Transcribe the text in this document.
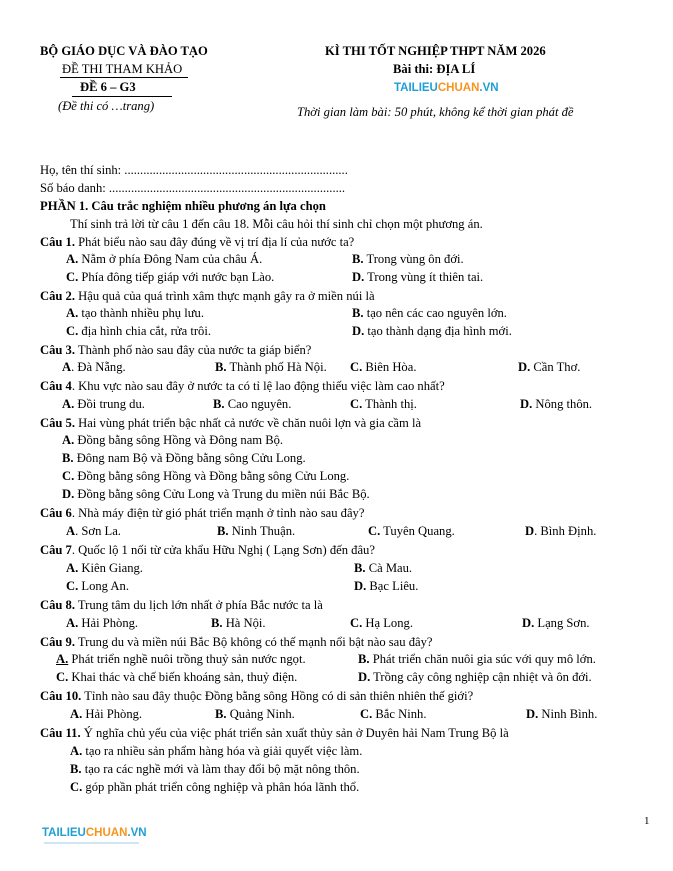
BỘ GIÁO DỤC VÀ ĐÀO TẠO
ĐỀ THI THAM KHẢO
ĐỀ 6 – G3
(Đề thi có …trang)
KÌ THI TỐT NGHIỆP THPT NĂM 2026
Bài thi: ĐỊA LÍ
TAILIEUCHUAN.VN
Thời gian làm bài: 50 phút, không kể thời gian phát đề
Họ, tên thí sinh: .......................................................................
Số báo danh: ...........................................................................
PHẦN 1. Câu trắc nghiệm nhiều phương án lựa chọn
Thí sinh trả lời từ câu 1 đến câu 18. Mỗi câu hỏi thí sinh chỉ chọn một phương án.
Câu 1. Phát biểu nào sau đây đúng về vị trí địa lí của nước ta?
A. Nằm ở phía Đông Nam của châu Á.	B. Trong vùng ôn đới.
C. Phía đông tiếp giáp với nước bạn Lào.	D. Trong vùng ít thiên tai.
Câu 2. Hậu quả của quá trình xâm thực mạnh gây ra ở miền núi là
A. tạo thành nhiều phụ lưu.	B. tạo nên các cao nguyên lớn.
C. địa hình chia cắt, rửa trôi.	D. tạo thành dạng địa hình mới.
Câu 3. Thành phố nào sau đây của nước ta giáp biển?
A. Đà Nẵng.	B. Thành phố Hà Nội. C. Biên Hòa.	D. Cần Thơ.
Câu 4. Khu vực nào sau đây ở nước ta có tỉ lệ lao động thiếu việc làm cao nhất?
A. Đồi trung du.	B. Cao nguyên.	C. Thành thị.	D. Nông thôn.
Câu 5. Hai vùng phát triển bậc nhất cả nước về chăn nuôi lợn và gia cầm là
A. Đồng bằng sông Hồng và Đông nam Bộ.
B. Đông nam Bộ và Đồng bằng sông Cửu Long.
C. Đồng bằng sông Hồng và Đồng bằng sông Cửu Long.
D. Đồng bằng sông Cửu Long và Trung du miền núi Bắc Bộ.
Câu 6. Nhà máy điện từ gió phát triển mạnh ở tỉnh nào sau đây?
A. Sơn La.	B. Ninh Thuận.	C. Tuyên Quang.	D. Bình Định.
Câu 7. Quốc lộ 1 nối từ cửa khẩu Hữu Nghị ( Lạng Sơn) đến đâu?
A. Kiên Giang.	B. Cà Mau.
C. Long An.	D. Bạc Liêu.
Câu 8. Trung tâm du lịch lớn nhất ở phía Bắc nước ta là
A. Hải Phòng.	B. Hà Nội.	C. Hạ Long.	D. Lạng Sơn.
Câu 9. Trung du và miền núi Bắc Bộ không có thế mạnh nổi bật nào sau đây?
A. Phát triển nghề nuôi trồng thuỷ sản nước ngọt.	B. Phát triển chăn nuôi gia súc với quy mô lớn.
C. Khai thác và chế biến khoáng sản, thuỷ điện.	D. Trồng cây công nghiệp cận nhiệt và ôn đới.
Câu 10. Tỉnh nào sau đây thuộc Đồng bằng sông Hồng có di sản thiên nhiên thế giới?
A. Hải Phòng.	B. Quảng Ninh.	C. Bắc Ninh.	D. Ninh Bình.
Câu 11. Ý nghĩa chủ yếu của việc phát triển sản xuất thủy sản ở Duyên hải Nam Trung Bộ là
A. tạo ra nhiều sản phẩm hàng hóa và giải quyết việc làm.
B. tạo ra các nghề mới và làm thay đổi bộ mặt nông thôn.
C. góp phần phát triển công nghiệp và phân hóa lãnh thổ.
1
TAILIEUCHUAN.VN
